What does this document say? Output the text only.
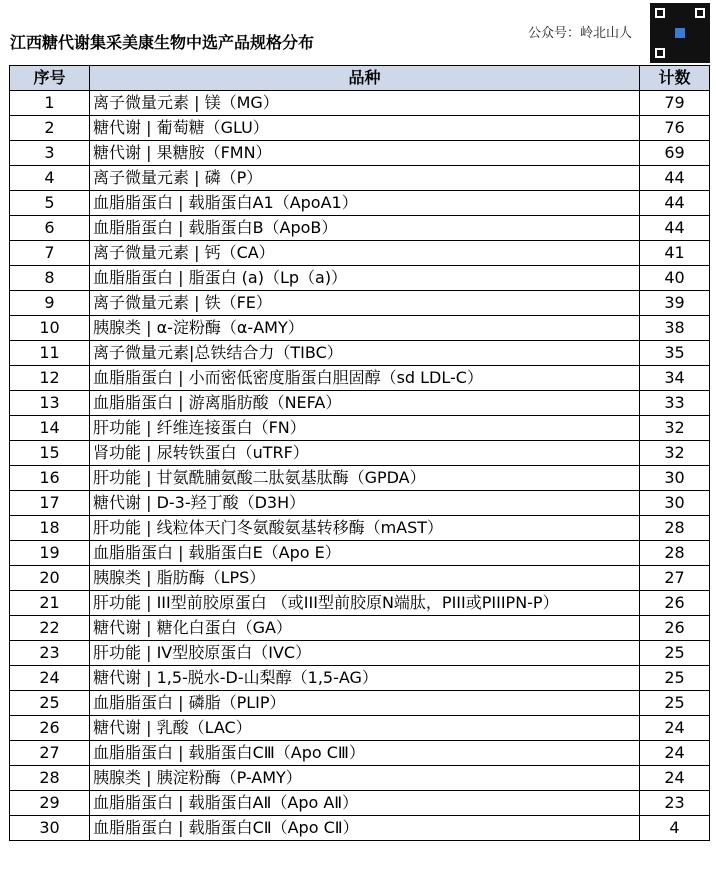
江西糖代谢集采美康生物中选产品规格分布	公众号：岭北山人
序号	品种	计数
1	离子微量元素 | 镁（MG）	79
2	糖代谢 | 葡萄糖（GLU）	76
3	糖代谢 | 果糖胺（FMN）	69
4	离子微量元素 | 磷（P）	44
5	血脂脂蛋白 | 载脂蛋白A1（ApoA1）	44
6	血脂脂蛋白 | 载脂蛋白B（ApoB）	44
7	离子微量元素 | 钙（CA）	41
8	血脂脂蛋白 | 脂蛋白 (a)（Lp（a)）	40
9	离子微量元素 | 铁（FE）	39
10	胰腺类 | α-淀粉酶（α-AMY）	38
11	离子微量元素|总铁结合力（TIBC）	35
12	血脂脂蛋白 | 小而密低密度脂蛋白胆固醇（sd LDL-C）	34
13	血脂脂蛋白 | 游离脂肪酸（NEFA）	33
14	肝功能 | 纤维连接蛋白（FN）	32
15	肾功能 | 尿转铁蛋白（uTRF）	32
16	肝功能 | 甘氨酰脯氨酸二肽氨基肽酶（GPDA）	30
17	糖代谢 | D-3-羟丁酸（D3H）	30
18	肝功能 | 线粒体天门冬氨酸氨基转移酶（mAST）	28
19	血脂脂蛋白 | 载脂蛋白E（Apo E）	28
20	胰腺类 | 脂肪酶（LPS）	27
21	肝功能 | III型前胶原蛋白 （或III型前胶原N端肽，PIII或PIIIPN-P）	26
22	糖代谢 | 糖化白蛋白（GA）	26
23	肝功能 | IV型胶原蛋白（IVC）	25
24	糖代谢 | 1,5-脱水-D-山梨醇（1,5-AG）	25
25	血脂脂蛋白 | 磷脂（PLIP）	25
26	糖代谢 | 乳酸（LAC）	24
27	血脂脂蛋白 | 载脂蛋白CⅢ（Apo CⅢ）	24
28	胰腺类 | 胰淀粉酶（P-AMY）	24
29	血脂脂蛋白 | 载脂蛋白AⅡ（Apo AⅡ）	23
30	血脂脂蛋白 | 载脂蛋白CⅡ（Apo CⅡ）	4
